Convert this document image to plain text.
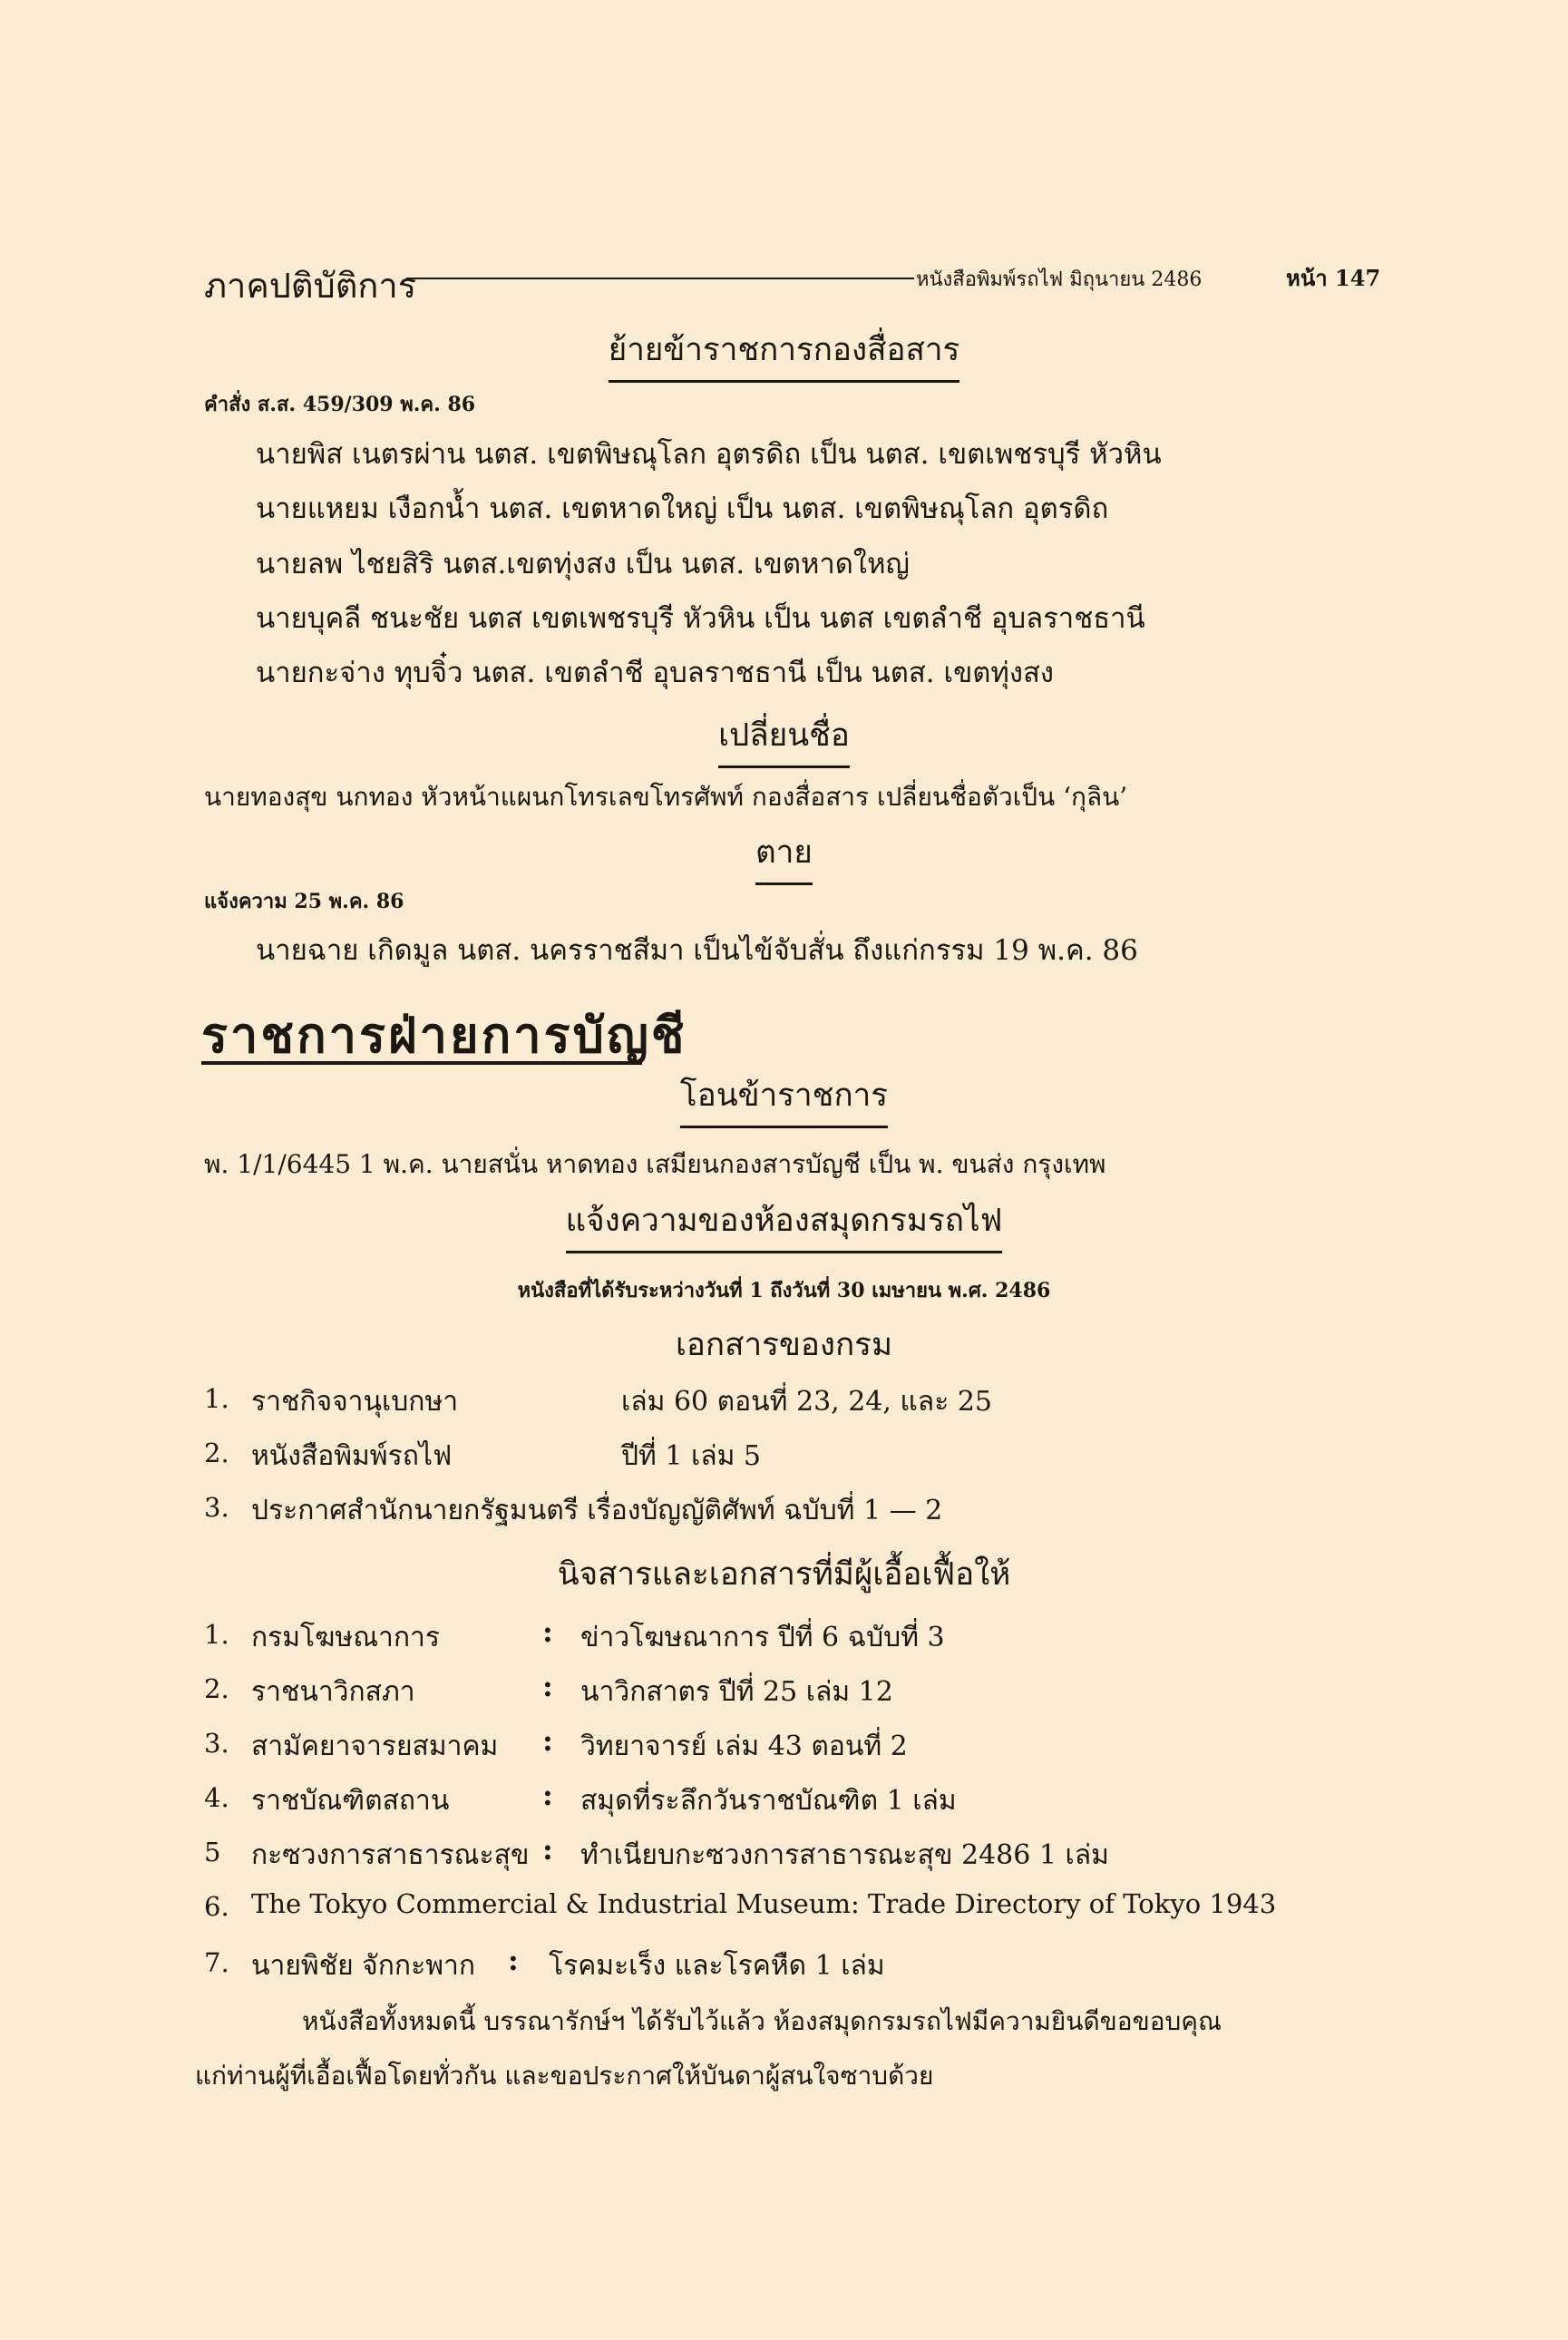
ภาคปติบัติการ	หนังสือพิมพ์รถไฟ มิถุนายน 2486	หน้า 147
ย้ายข้าราชการกองสื่อสาร
คำสั่ง ส.ส. 459/309 พ.ค. 86
นายพิส เนตรผ่าน นตส. เขตพิษณุโลก อุตรดิถ เป็น นตส. เขตเพชรบุรี หัวหิน
นายแหยม เงือกน้ำ นตส. เขตหาดใหญ่ เป็น นตส. เขตพิษณุโลก อุตรดิถ
นายลพ ไชยสิริ นตส.เขตทุ่งสง เป็น นตส. เขตหาดใหญ่
นายบุคลี ชนะชัย นตส เขตเพชรบุรี หัวหิน เป็น นตส เขตลำชี อุบลราชธานี
นายกะจ่าง ทุบจิ๋ว นตส. เขตลำชี อุบลราชธานี เป็น นตส. เขตทุ่งสง
เปลี่ยนชื่อ
นายทองสุข นกทอง หัวหน้าแผนกโทรเลขโทรศัพท์ กองสื่อสาร เปลี่ยนชื่อตัวเป็น ‘กุลิน’
ตาย
แจ้งความ 25 พ.ค. 86
นายฉาย เกิดมูล นตส. นครราชสีมา เป็นไข้จับสั่น ถึงแก่กรรม 19 พ.ค. 86
ราชการฝ่ายการบัญชี
โอนข้าราชการ
พ. 1/1/6445 1 พ.ค. นายสนั่น หาดทอง เสมียนกองสารบัญชี เป็น พ. ขนส่ง กรุงเทพ
แจ้งความของห้องสมุดกรมรถไฟ
หนังสือที่ได้รับระหว่างวันที่ 1 ถึงวันที่ 30 เมษายน พ.ศ. 2486
เอกสารของกรม
1. ราชกิจจานุเบกษา	เล่ม 60 ตอนที่ 23, 24, และ 25
2. หนังสือพิมพ์รถไฟ	ปีที่ 1 เล่ม 5
3. ประกาศสำนักนายกรัฐมนตรี เรื่องบัญญัติศัพท์ ฉบับที่ 1 — 2
นิจสารและเอกสารที่มีผู้เอื้อเฟื้อให้
1. กรมโฆษณาการ	: ข่าวโฆษณาการ ปีที่ 6 ฉบับที่ 3
2. ราชนาวิกสภา	: นาวิกสาตร ปีที่ 25 เล่ม 12
3. สามัคยาจารยสมาคม : วิทยาจารย์ เล่ม 43 ตอนที่ 2
4. ราชบัณฑิตสถาน	: สมุดที่ระลึกวันราชบัณฑิต 1 เล่ม
5 กะซวงการสาธารณะสุข : ทำเนียบกะซวงการสาธารณะสุข 2486 1 เล่ม
6. The Tokyo Commercial & Industrial Museum: Trade Directory of Tokyo 1943
7. นายพิชัย จักกะพาก : โรคมะเร็ง และโรคหืด 1 เล่ม
หนังสือทั้งหมดนี้ บรรณารักษ์ฯ ได้รับไว้แล้ว ห้องสมุดกรมรถไฟมีความยินดีขอขอบคุณ
แก่ท่านผู้ที่เอื้อเฟื้อโดยทั่วกัน และขอประกาศให้บันดาผู้สนใจซาบด้วย
